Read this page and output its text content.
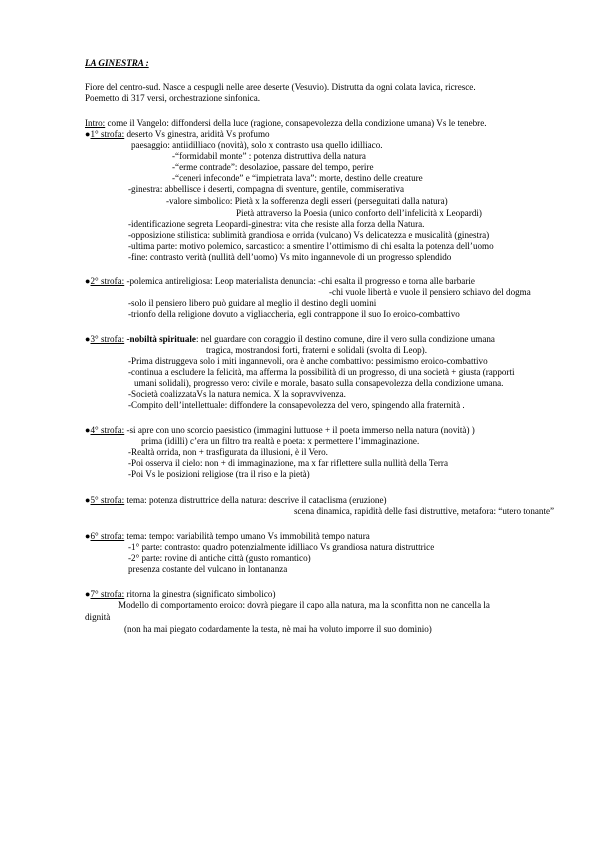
LA GINESTRA :
Fiore del centro-sud. Nasce a cespugli nelle aree deserte (Vesuvio). Distrutta da ogni colata lavica, ricresce.
Poemetto di 317 versi, orchestrazione sinfonica.
Intro: come il Vangelo: diffondersi della luce (ragione, consapevolezza della condizione umana) Vs le tenebre.
●1° strofa: deserto Vs ginestra, aridità Vs profumo
paesaggio: antiidilliaco (novità), solo x contrasto usa quello idilliaco.
-“formidabil monte” : potenza distruttiva della natura
-“erme contrade”: desolazioe, passare del tempo, perire
-“ceneri infeconde” e “impietrata lava”: morte, destino delle creature
-ginestra: abbellisce i deserti, compagna di sventure, gentile, commiserativa
-valore simbolico: Pietà x la sofferenza degli esseri (perseguitati dalla natura)
Pietà attraverso la Poesia (unico conforto dell’infelicità x Leopardi)
-identificazione segreta Leopardi-ginestra: vita che resiste alla forza della Natura.
-opposizione stilistica: sublimità grandiosa e orrida (vulcano) Vs delicatezza e musicalità (ginestra)
-ultima parte: motivo polemico, sarcastico: a smentire l’ottimismo di chi esalta la potenza dell’uomo
-fine: contrasto verità (nullità dell’uomo) Vs mito ingannevole di un progresso splendido
●2° strofa: -polemica antireligiosa: Leop materialista denuncia: -chi esalta il progresso e torna alle barbarie
-chi vuole libertà e vuole il pensiero schiavo del dogma
-solo il pensiero libero può guidare al meglio il destino degli uomini
-trionfo della religione dovuto a vigliaccheria, egli contrappone il suo Io eroico-combattivo
●3° strofa: -nobiltà spirituale: nel guardare con coraggio il destino comune, dire il vero sulla condizione umana
tragica, mostrandosi forti, fraterni e solidali (svolta di Leop).
-Prima distruggeva solo i miti ingannevoli, ora è anche combattivo: pessimismo eroico-combattivo
-continua a escludere la felicità, ma afferma la possibilità di un progresso, di una società + giusta (rapporti
umani solidali), progresso vero: civile e morale, basato sulla consapevolezza della condizione umana.
-Società coalizzataVs la natura nemica. X la sopravvivenza.
-Compito dell’intellettuale: diffondere la consapevolezza del vero, spingendo alla fraternità .
●4° strofa: -si apre con uno scorcio paesistico (immagini luttuose + il poeta immerso nella natura (novità) )
prima (idilli) c’era un filtro tra realtà e poeta: x permettere l’immaginazione.
-Realtà orrida, non + trasfigurata da illusioni, è il Vero.
-Poi osserva il cielo: non + di immaginazione, ma x far riflettere sulla nullità della Terra
-Poi Vs le posizioni religiose (tra il riso e la pietà)
●5° strofa: tema: potenza distruttrice della natura: descrive il cataclisma (eruzione)
scena dinamica, rapidità delle fasi distruttive, metafora: “utero tonante”
●6° strofa: tema: tempo: variabilità tempo umano Vs immobilità tempo natura
-1° parte: contrasto: quadro potenzialmente idilliaco Vs grandiosa natura distruttrice
-2° parte: rovine di antiche città (gusto romantico)
presenza costante del vulcano in lontananza
●7° strofa: ritorna la ginestra (significato simbolico)
Modello di comportamento eroico: dovrà piegare il capo alla natura, ma la sconfitta non ne cancella la
dignità
(non ha mai piegato codardamente la testa, nè mai ha voluto imporre il suo dominio)
